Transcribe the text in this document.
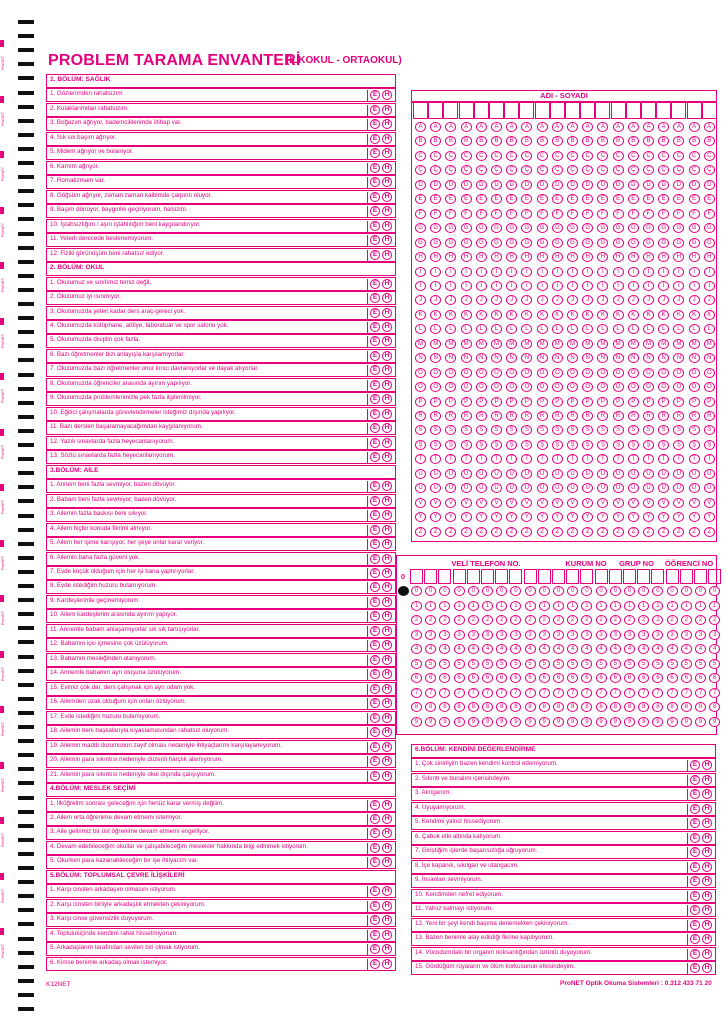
PROBLEM TARAMA ENVANTERİ
(İLKOKUL - ORTAOKUL)
K12NET	ProNET Optik Okuma Sistemleri : 0.312 433 71 20
ProNET
ProNET
ProNET
ProNET
ProNET
ProNET
ProNET
ProNET
ProNET
ProNET
ProNET
ProNET
ProNET
ProNET
ProNET
ProNET
ProNET
1. BÖLÜM: SAĞLIK
1. Gözlerimden rahatsızım	E	H
2. Kulaklarımdan rahatsızım.	E	H
3. Boğazım ağrıyor, bademciklerimde iltihap var.	E	H
4. Sık sık başım ağrıyor.	E	H
5. Midem ağrıyor ve bulanıyor.	E	H
6. Karnım ağrıyor.	E	H
7. Romatizmam var.	E	H
8. Göğsüm ağrıyor, zaman zaman kalbimde çarpıntı oluyor.	E	H
9. Başım dönüyor, baygınlık geçiriyorum, halsizim.	E	H
10. İştahsızlığım / aşırı iştahlılığım beni kaygılandırıyor.	E	H
11. Yeterli derecede beslenemiyorum.	E	H
12. Fiziki görünüşüm beni rahatsız ediyor.	E	H
2. BÖLÜM: OKUL
1. Okulumuz ve sınıfımız temiz değil.	E	H
2. Okulumuz iyi ısınmıyor.	E	H
3. Okulumuzda yeteri kadar ders araç-gereci yok.	E	H
4. Okulumuzda kütüphane, atölye, laboratuar ve spor salonu yok.	E	H
5. Okulumuzda disiplin çok fazla.	E	H
6. Bazı öğretmenler bizi anlayışla karşılamıyorlar.	E	H
7. Okulumuzda bazı öğretmenler onur kırıcı davranıyorlar ve dayak atıyorlar.	E	H
8. Okulumuzda öğrenciler arasında ayırım yapılıyor.	E	H
9. Okulumuzda problemlerimizle pek fazla ilgilenilmiyor.	E	H
10. Eğitici çalışmalarda görevlendirmeler isteğimiz dışında yapılıyor.	E	H
11. Bazı dersleri başaramayacağımdan kaygılanıyorum.	E	H
12. Yazılı sınavlarda fazla heyecanlanıyorum.	E	H
13. Sözlü sınavlarda fazla heyecanlanıyorum.	E	H
3.BÖLÜM: AİLE
1. Annem beni fazla sevmiyor, bazen dövüyor.	E	H
2. Babam beni fazla sevmiyor, bazen dövüyor.	E	H
3. Ailemin fazla baskısı beni sıkıyor.	E	H
4. Ailem hiçbir konuda fikrimi almıyor.	E	H
5. Ailem her işime karışıyor, her şeye onlar karar veriyor.	E	H
6. Ailemin bana fazla güveni yok.	E	H
7. Evde küçük olduğum için her işi bana yaptırıyorlar.	E	H
8. Evde istediğim huzuru bulamıyorum.	E	H
9. Kardeşlerimle geçinemiyorum.	E	H
10. Ailem kardeşlerim arasında ayırım yapıyor.	E	H
11. Annemle babam anlaşamıyorlar sık sık tartışıyorlar.	E	H
12. Babamın içki içmesine çok üzülüyorum.	E	H
13. Babamın mesleğinden utanıyorum.	E	H
14. Annemle babamın ayrı oluşuna üzülüyorum.	E	H
15. Evimiz çok dar, ders çalışmak için ayrı odam yok.	E	H
16. Ailemden uzak olduğum için onları özlüyorum.	E	H
17. Evde istediğim huzuru bulamıyorum.	E	H
18. Ailemin beni başkalarıyla kıyaslamasından rahatsız oluyorum.	E	H
19. Ailemin maddi durumunun zayıf olması nedeniyle ihtiyaçlarımı karşılayamıyorum.	E	H
20. Ailemin para sıkıntısı nedeniyle düzenli harçlık alamıyorum.	E	H
21. Ailemin para sıkıntısı nedeniyle okul dışında çalışıyorum.	E	H
4.BÖLÜM: MESLEK SEÇİMİ
1. İlköğretim sonrası geleceğim için henüz karar vermiş değilim.	E	H
2. Ailem orta öğrenime devam etmemi istemiyor.	E	H
3. Aile gelirimiz bir üst öğrenime devam etmemi engelliyor.	E	H
4. Devam edebileceğim okullar ve çalışabileceğim meslekler hakkında bilgi edinmek istiyorum.	E	H
5. Okurken para kazanabileceğim bir işe ihtiyacım var.	E	H
5.BÖLÜM: TOPLUMSAL ÇEVRE İLİŞKİLERİ
1. Karşı cinsten arkadaşım olmasını istiyorum.	E	H
2. Karşı cinsten birliyle arkadaşlık etmekten çekiniyorum.	E	H
3. Karşı cinse güvensizlik duyuyorum.	E	H
4. Toplulukiçinde kendimi rahat hissetmiyorum.	E	H
5. Arkadaşlarım tarafından sevilen biri olmak istiyorum.	E	H
6. Kimse benimle arkadaş olmak istemiyor.	E	H
6.BÖLÜM: KENDİNİ DEĞERLENDİRME
1. Çok sinirliyim bazen kendimi kontrol edemiyorum.	E	H
2. Sıkıntı ve bunalım içerisindeyim.	E	H
3. Alınganım.	E	H
4. Uyuyamıyorum.	E	H
5. Kendimi yalnız hissediyorum.	E	H
6. Çabuk etki altında kalıyorum.	E	H
7. Giriştiğim işlerde başarısızlığa uğruyorum.	E	H
8. İçe kapanık, sıkılgan ve utangacım.	E	H
9. İnsanları sevmiyorum.	E	H
10. Kendimden nefret ediyorum.	E	H
11. Yalnız kalmayı istiyorum.	E	H
12. Yeni bir şeyi kendi başıma denemekten çekiniyorum.	E	H
13. Bazen benimle alay edildiği fikrine kapılıyorum.	E	H
14. Vücudumdaki bir organın noksanlığından üzüntü duyuyorum.	E	H
15. Gördüğüm rüyaların ve ölüm korkusunun etkisindeyim.	E	H
ADI - SOYADI
A	A	A	A	A	A	A	A	A	A	A	A	A	A	A	A	A	A	A	A
B	B	B	B	B	B	B	B	B	B	B	B	B	B	B	B	B	B	B	B
C	C	C	C	C	C	C	C	C	C	C	C	C	C	C	C	C	C	C	C
Ç	Ç	Ç	Ç	Ç	Ç	Ç	Ç	Ç	Ç	Ç	Ç	Ç	Ç	Ç	Ç	Ç	Ç	Ç	Ç
D	D	D	D	D	D	D	D	D	D	D	D	D	D	D	D	D	D	D	D
E	E	E	E	E	E	E	E	E	E	E	E	E	E	E	E	E	E	E	E
F	F	F	F	F	F	F	F	F	F	F	F	F	F	F	F	F	F	F	F
G	G	G	G	G	G	G	G	G	G	G	G	G	G	G	G	G	G	G	G
Ğ	Ğ	Ğ	Ğ	Ğ	Ğ	Ğ	Ğ	Ğ	Ğ	Ğ	Ğ	Ğ	Ğ	Ğ	Ğ	Ğ	Ğ	Ğ	Ğ
H	H	H	H	H	H	H	H	H	H	H	H	H	H	H	H	H	H	H	H
I	I	I	I	I	I	I	I	I	I	I	I	I	I	I	I	I	I	I	I
İ	İ	İ	İ	İ	İ	İ	İ	İ	İ	İ	İ	İ	İ	İ	İ	İ	İ	İ	İ
J	J	J	J	J	J	J	J	J	J	J	J	J	J	J	J	J	J	J	J
K	K	K	K	K	K	K	K	K	K	K	K	K	K	K	K	K	K	K	K
L	L	L	L	L	L	L	L	L	L	L	L	L	L	L	L	L	L	L	L
M	M	M	M	M	M	M	M	M	M	M	M	M	M	M	M	M	M	M	M
N	N	N	N	N	N	N	N	N	N	N	N	N	N	N	N	N	N	N	N
O	O	O	O	O	O	O	O	O	O	O	O	O	O	O	O	O	O	O	O
Ö	Ö	Ö	Ö	Ö	Ö	Ö	Ö	Ö	Ö	Ö	Ö	Ö	Ö	Ö	Ö	Ö	Ö	Ö	Ö
P	P	P	P	P	P	P	P	P	P	P	P	P	P	P	P	P	P	P	P
R	R	R	R	R	R	R	R	R	R	R	R	R	R	R	R	R	R	R	R
S	S	S	S	S	S	S	S	S	S	S	S	S	S	S	S	S	S	S	S
Ş	Ş	Ş	Ş	Ş	Ş	Ş	Ş	Ş	Ş	Ş	Ş	Ş	Ş	Ş	Ş	Ş	Ş	Ş	Ş
T	T	T	T	T	T	T	T	T	T	T	T	T	T	T	T	T	T	T	T
U	U	U	U	U	U	U	U	U	U	U	U	U	U	U	U	U	U	U	U
Ü	Ü	Ü	Ü	Ü	Ü	Ü	Ü	Ü	Ü	Ü	Ü	Ü	Ü	Ü	Ü	Ü	Ü	Ü	Ü
V	V	V	V	V	V	V	V	V	V	V	V	V	V	V	V	V	V	V	V
Y	Y	Y	Y	Y	Y	Y	Y	Y	Y	Y	Y	Y	Y	Y	Y	Y	Y	Y	Y
Z	Z	Z	Z	Z	Z	Z	Z	Z	Z	Z	Z	Z	Z	Z	Z	Z	Z	Z	Z
VELİ TELEFON NO.	KURUM NO	GRUP NO	ÖĞRENCİ NO
0
0	0	0	0	0	0	0	0	0	0	0	0	0	0	0	0	0	0	0	0	0	0
1	1	1	1	1	1	1	1	1	1	1	1	1	1	1	1	1	1	1	1	1	1
2	2	2	2	2	2	2	2	2	2	2	2	2	2	2	2	2	2	2	2	2	2
3	3	3	3	3	3	3	3	3	3	3	3	3	3	3	3	3	3	3	3	3	3
4	4	4	4	4	4	4	4	4	4	4	4	4	4	4	4	4	4	4	4	4	4
5	5	5	5	5	5	5	5	5	5	5	5	5	5	5	5	5	5	5	5	5	5
6	6	6	6	6	6	6	6	6	6	6	6	6	6	6	6	6	6	6	6	6	6
7	7	7	7	7	7	7	7	7	7	7	7	7	7	7	7	7	7	7	7	7	7
8	8	8	8	8	8	8	8	8	8	8	8	8	8	8	8	8	8	8	8	8	8
9	9	9	9	9	9	9	9	9	9	9	9	9	9	9	9	9	9	9	9	9	9
